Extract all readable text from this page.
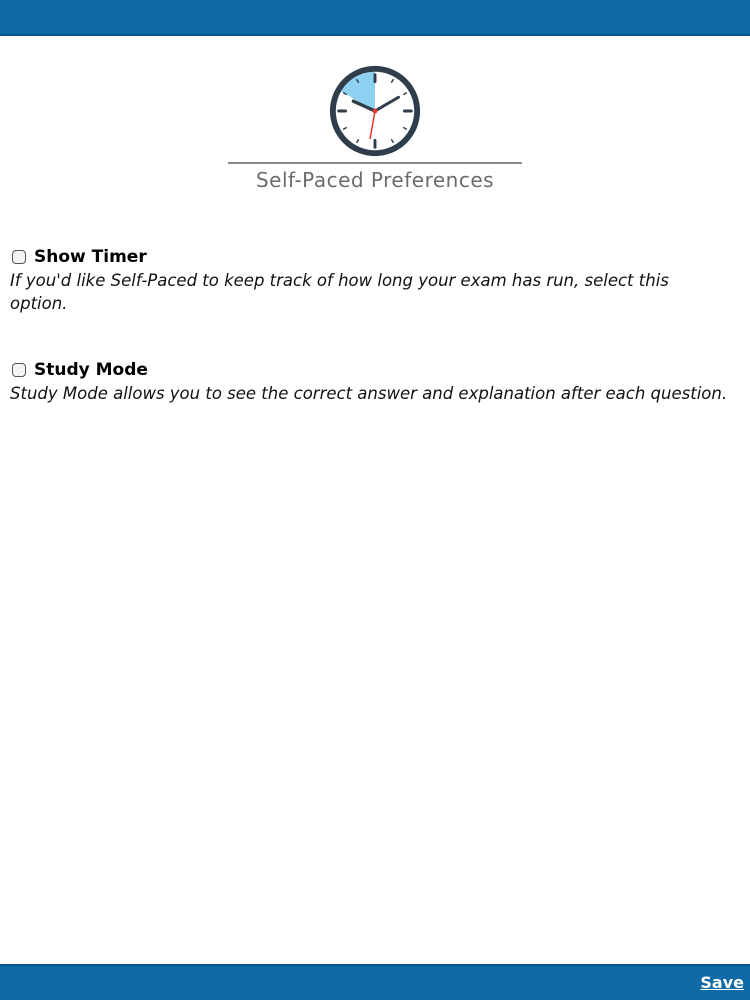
Self-Paced Preferences
Show Timer

If you'd like Self-Paced to keep track of how long your exam has run, select this option.

Study Mode

Study Mode allows you to see the correct answer and explanation after each question.

Save
